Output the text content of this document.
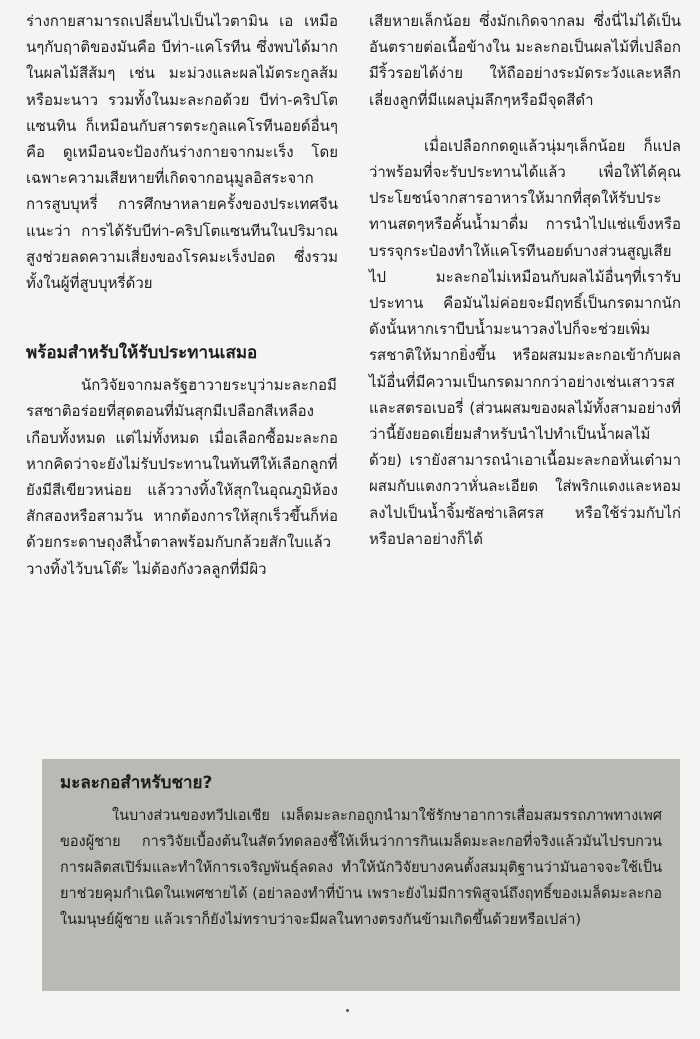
ร่างกายสามารถเปลี่ยนไปเป็นไวตามิน เอ เหมือนๆกับฤาติของมันคือ บีท่า-แคโรทีน ซึ่งพบได้มากในผลไม้สีส้มๆ เช่น มะม่วงและผลไม้ตระกูลส้มหรือมะนาว รวมทั้งในมะละกอด้วย บีท่า-คริปโตแซนทิน ก็เหมือนกับสารตระกูลแคโรทีนอยด์อื่นๆ คือ ดูเหมือนจะป้องกันร่างกายจากมะเร็ง โดยเฉพาะความเสียหายที่เกิดจากอนุมูลอิสระจากการสูบบุหรี่ การศึกษาหลายครั้งของประเทศจีนแนะว่า การได้รับบีท่า-คริปโตแซนทีนในปริมาณสูงช่วยลดความเสี่ยงของโรคมะเร็งปอด ซึ่งรวมทั้งในผู้ที่สูบบุหรี่ด้วย

พร้อมสำหรับให้รับประทานเสมอ

นักวิจัยจากมลรัฐฮาวายระบุว่ามะละกอมีรสชาติอร่อยที่สุดตอนที่มันสุกมีเปลือกสีเหลืองเกือบทั้งหมด แต่ไม่ทั้งหมด เมื่อเลือกซื้อมะละกอ หากคิดว่าจะยังไม่รับประทานในทันทีให้เลือกลูกที่ยังมีสีเขียวหน่อย แล้ววางทิ้งให้สุกในอุณภูมิห้องสักสองหรือสามวัน หากต้องการให้สุกเร็วขึ้นก็ห่อด้วยกระดาษถุงสีน้ำตาลพร้อมกับกล้วยสักใบแล้ววางทิ้งไว้บนโต๊ะ ไม่ต้องกังวลลูกที่มีผิว

เสียหายเล็กน้อย ซึ่งมักเกิดจากลม ซึ่งนี่ไม่ได้เป็นอันตรายต่อเนื้อข้างใน มะละกอเป็นผลไม้ที่เปลือกมีริ้วรอยได้ง่าย ให้ถืออย่างระมัดระวังและหลีกเลี่ยงลูกที่มีแผลบุ่มลึกๆหรือมีจุดสีดำ

เมื่อเปลือกกดดูแล้วนุ่มๆเล็กน้อย ก็แปลว่าพร้อมที่จะรับประทานได้แล้ว เพื่อให้ได้คุณประโยชน์จากสารอาหารให้มากที่สุดให้รับประทานสดๆหรือคั้นน้ำมาดื่ม การนำไปแช่แข็งหรือบรรจุกระป๋องทำให้แคโรทีนอยด์บางส่วนสูญเสียไป มะละกอไม่เหมือนกับผลไม้อื่นๆที่เรารับประทาน คือมันไม่ค่อยจะมีฤทธิ์เป็นกรดมากนัก ดังนั้นหากเราบีบน้ำมะนาวลงไปก็จะช่วยเพิ่มรสชาติให้มากยิ่งขึ้น หรือผสมมะละกอเข้ากับผลไม้อื่นที่มีความเป็นกรดมากกว่าอย่างเช่นเสาวรสและสตรอเบอรี่ (ส่วนผสมของผลไม้ทั้งสามอย่างที่ว่านี้ยังยอดเยี่ยมสำหรับนำไปทำเป็นน้ำผลไม้ด้วย) เรายังสามารถนำเอาเนื้อมะละกอหั่นเต๋ามาผสมกับแตงกวาหั่นละเอียด ใส่พริกแดงและหอมลงไปเป็นน้ำจิ้มซัลซ่าเลิศรส หรือใช้ร่วมกับไก่หรือปลาอย่างก็ได้

มะละกอสำหรับชาย?

ในบางส่วนของทวีปเอเชีย เมล็ดมะละกอถูกนำมาใช้รักษาอาการเสื่อมสมรรถภาพทางเพศของผู้ชาย การวิจัยเบื้องต้นในสัตว์ทดลองชี้ให้เห็นว่าการกินเมล็ดมะละกอที่จริงแล้วมันไปรบกวนการผลิตสเปิร์มและทำให้การเจริญพันธุ์ลดลง ทำให้นักวิจัยบางคนตั้งสมมุติฐานว่ามันอาจจะใช้เป็นยาช่วยคุมกำเนิดในเพศชายได้ (อย่าลองทำที่บ้าน เพราะยังไม่มีการพิสูจน์ถึงฤทธิ์ของเมล็ดมะละกอในมนุษย์ผู้ชาย แล้วเราก็ยังไม่ทราบว่าจะมีผลในทางตรงกันข้ามเกิดขึ้นด้วยหรือเปล่า)
